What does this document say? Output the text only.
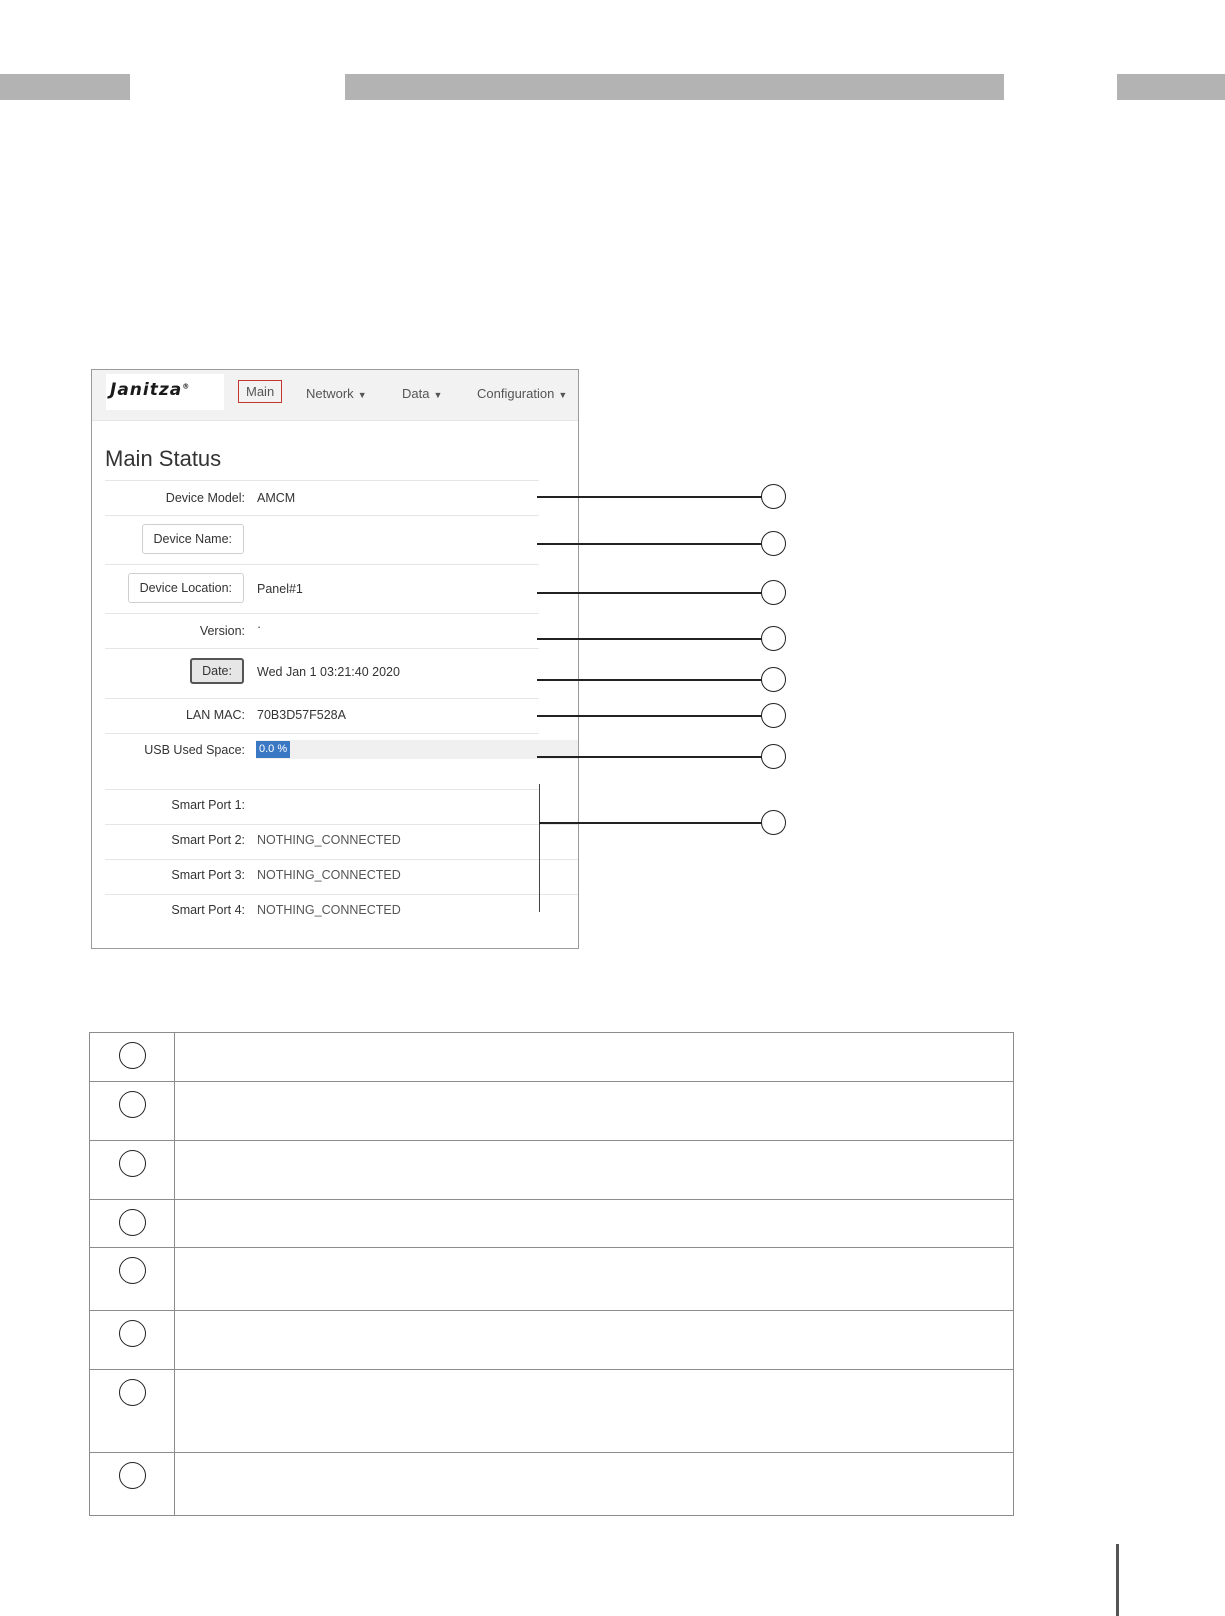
Janitza®	Main	Network ▼	Data ▼	Configuration ▼
Main Status
Device Model: AMCM
Device Name:
Device Location:	Panel#1
Version: ·
Date:	Wed Jan 1 03:21:40 2020
LAN MAC: 70B3D57F528A
USB Used Space: 0.0 %
Smart Port 1:
Smart Port 2: NOTHING_CONNECTED
Smart Port 3: NOTHING_CONNECTED
Smart Port 4: NOTHING_CONNECTED
